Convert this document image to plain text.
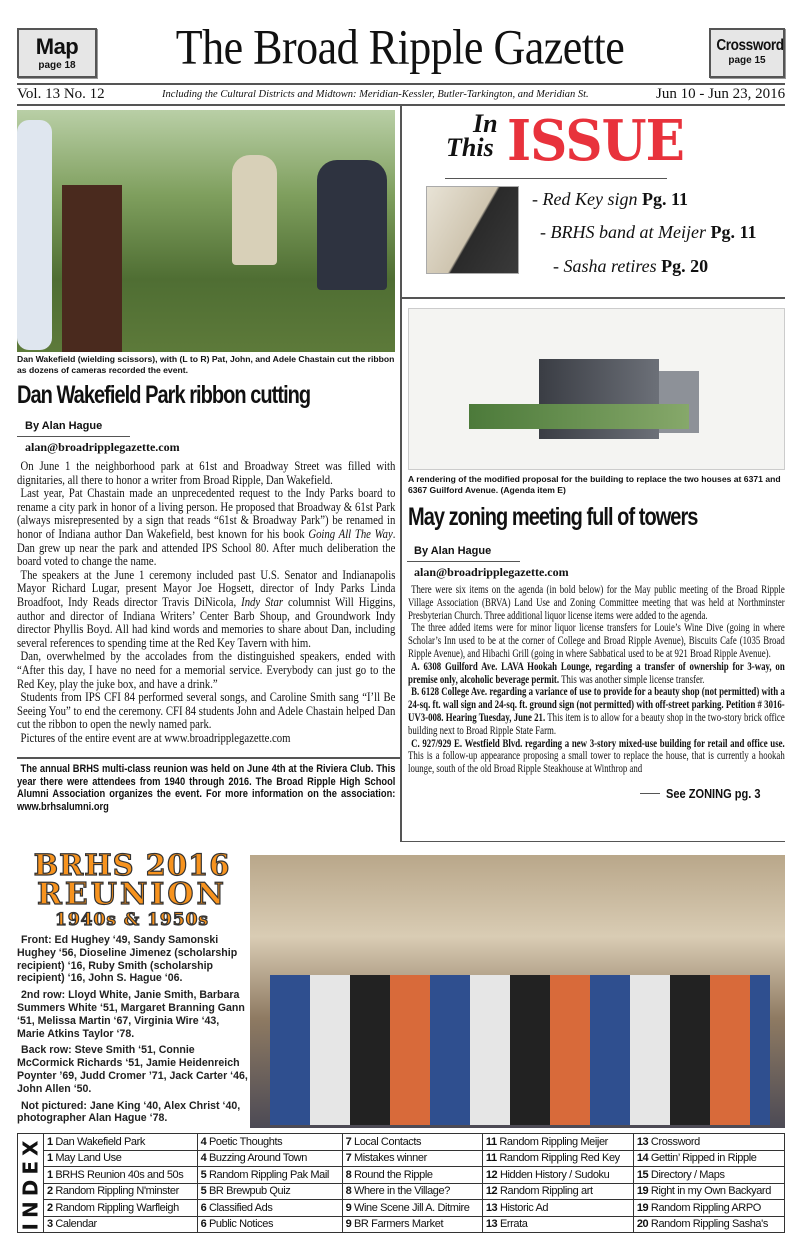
Map
page 18	The Broad Ripple Gazette	Crossword
page 15
Vol. 13 No. 12	Including the Cultural Districts and Midtown: Meridian-Kessler, Butler-Tarkington, and Meridian St.	Jun 10 - Jun 23, 2016
Dan Wakefield (wielding scissors), with (L to R) Pat, John, and Adele Chastain cut the ribbon as dozens of cameras recorded the event.
Dan Wakefield Park ribbon cutting
By Alan Hague
alan@broadripplegazette.com

On June 1 the neighborhood park at 61st and Broadway Street was filled with dignitaries, all there to honor a writer from Broad Ripple, Dan Wakefield.

Last year, Pat Chastain made an unprecedented request to the Indy Parks board to rename a city park in honor of a living person. He proposed that Broadway & 61st Park (always misrepresented by a sign that reads “61st & Broadway Park”) be renamed in honor of Indiana author Dan Wakefield, best known for his book Going All The Way. Dan grew up near the park and attended IPS School 80. After much deliberation the board voted to change the name.

The speakers at the June 1 ceremony included past U.S. Senator and Indianapolis Mayor Richard Lugar, present Mayor Joe Hogsett, director of Indy Parks Linda Broadfoot, Indy Reads director Travis DiNicola, Indy Star columnist Will Higgins, author and director of Indiana Writers’ Center Barb Shoup, and Groundwork Indy director Phyllis Boyd. All had kind words and memories to share about Dan, including several references to spending time at the Red Key Tavern with him.

Dan, overwhelmed by the accolades from the distinguished speakers, ended with “After this day, I have no need for a memorial service. Everybody can just go to the Red Key, play the juke box, and have a drink.”

Students from IPS CFI 84 performed several songs, and Caroline Smith sang “I’ll Be Seeing You” to end the ceremony. CFI 84 students John and Adele Chastain helped Dan cut the ribbon to open the newly named park.

Pictures of the entire event are at www.broadripplegazette.com

The annual BRHS multi-class reunion was held on June 4th at the Riviera Club. This year there were attendees from 1940 through 2016. The Broad Ripple High School Alumni Association organizes the event. For more information on the association: www.brhsalumni.org
In
This ISSUE
- Red Key sign Pg. 11
- BRHS band at Meijer Pg. 11
- Sasha retires Pg. 20
A rendering of the modified proposal for the building to replace the two houses at 6371 and 6367 Guilford Avenue. (Agenda item E)
May zoning meeting full of towers
By Alan Hague
alan@broadripplegazette.com

There were six items on the agenda (in bold below) for the May public meeting of the Broad Ripple Village Association (BRVA) Land Use and Zoning Committee meeting that was held at Northminster Presbyterian Church. Three additional liquor license items were added to the agenda.

The three added items were for minor liquor license transfers for Louie’s Wine Dive (going in where Scholar’s Inn used to be at the corner of College and Broad Ripple Avenue), Biscuits Cafe (1035 Broad Ripple Avenue), and Hibachi Grill (going in where Sabbatical used to be at 921 Broad Ripple Avenue).

A. 6308 Guilford Ave. LAVA Hookah Lounge, regarding a transfer of ownership for 3-way, on premise only, alcoholic beverage permit. This was another simple license transfer.

B. 6128 College Ave. regarding a variance of use to provide for a beauty shop (not permitted) with a 24-sq. ft. wall sign and 24-sq. ft. ground sign (not permitted) with off-street parking. Petition # 3016-UV3-008. Hearing Tuesday, June 21. This item is to allow for a beauty shop in the two-story brick office building next to Broad Ripple State Farm.

C. 927/929 E. Westfield Blvd. regarding a new 3-story mixed-use building for retail and office use. This is a follow-up appearance proposing a small tower to replace the house, that is currently a hookah lounge, south of the old Broad Ripple Steakhouse at Winthrop and

See ZONING pg. 3
BRHS 2016
REUNION
1940s & 1950s

Front: Ed Hughey ‘49, Sandy Samonski Hughey ‘56, Dioseline Jimenez (scholarship recipient) ‘16, Ruby Smith (scholarship recipient) ‘16, John S. Hague ‘06.

2nd row: Lloyd White, Janie Smith, Barbara Summers White ‘51, Margaret Branning Gann ‘51, Melissa Martin ‘67, Virginia Wire ‘43, Marie Atkins Taylor ‘78.

Back row: Steve Smith ‘51, Connie McCormick Richards ‘51, Jamie Heidenreich Poynter ’69, Judd Cromer ’71, Jack Carter ‘46, John Allen ‘50.

Not pictured: Jane King ‘40, Alex Christ ‘40, photographer Alan Hague ‘78.

INDEX 1 Dan Wakefield Park	4 Poetic Thoughts	7 Local Contacts	11 Random Rippling Meijer	13 Crossword
1 May Land Use	4 Buzzing Around Town	7 Mistakes winner	11 Random Rippling Red Key	14 Gettin’ Ripped in Ripple
1 BRHS Reunion 40s and 50s	5 Random Rippling Pak Mail	8 Round the Ripple	12 Hidden History / Sudoku	15 Directory / Maps
2 Random Rippling N'minster	5 BR Brewpub Quiz	8 Where in the Village?	12 Random Rippling art	19 Right in my Own Backyard
2 Random Rippling Warfleigh	6 Classified Ads	9 Wine Scene Jill A. Ditmire	13 Historic Ad	19 Random Rippling ARPO
3 Calendar	6 Public Notices	9 BR Farmers Market	13 Errata	20 Random Rippling Sasha's
